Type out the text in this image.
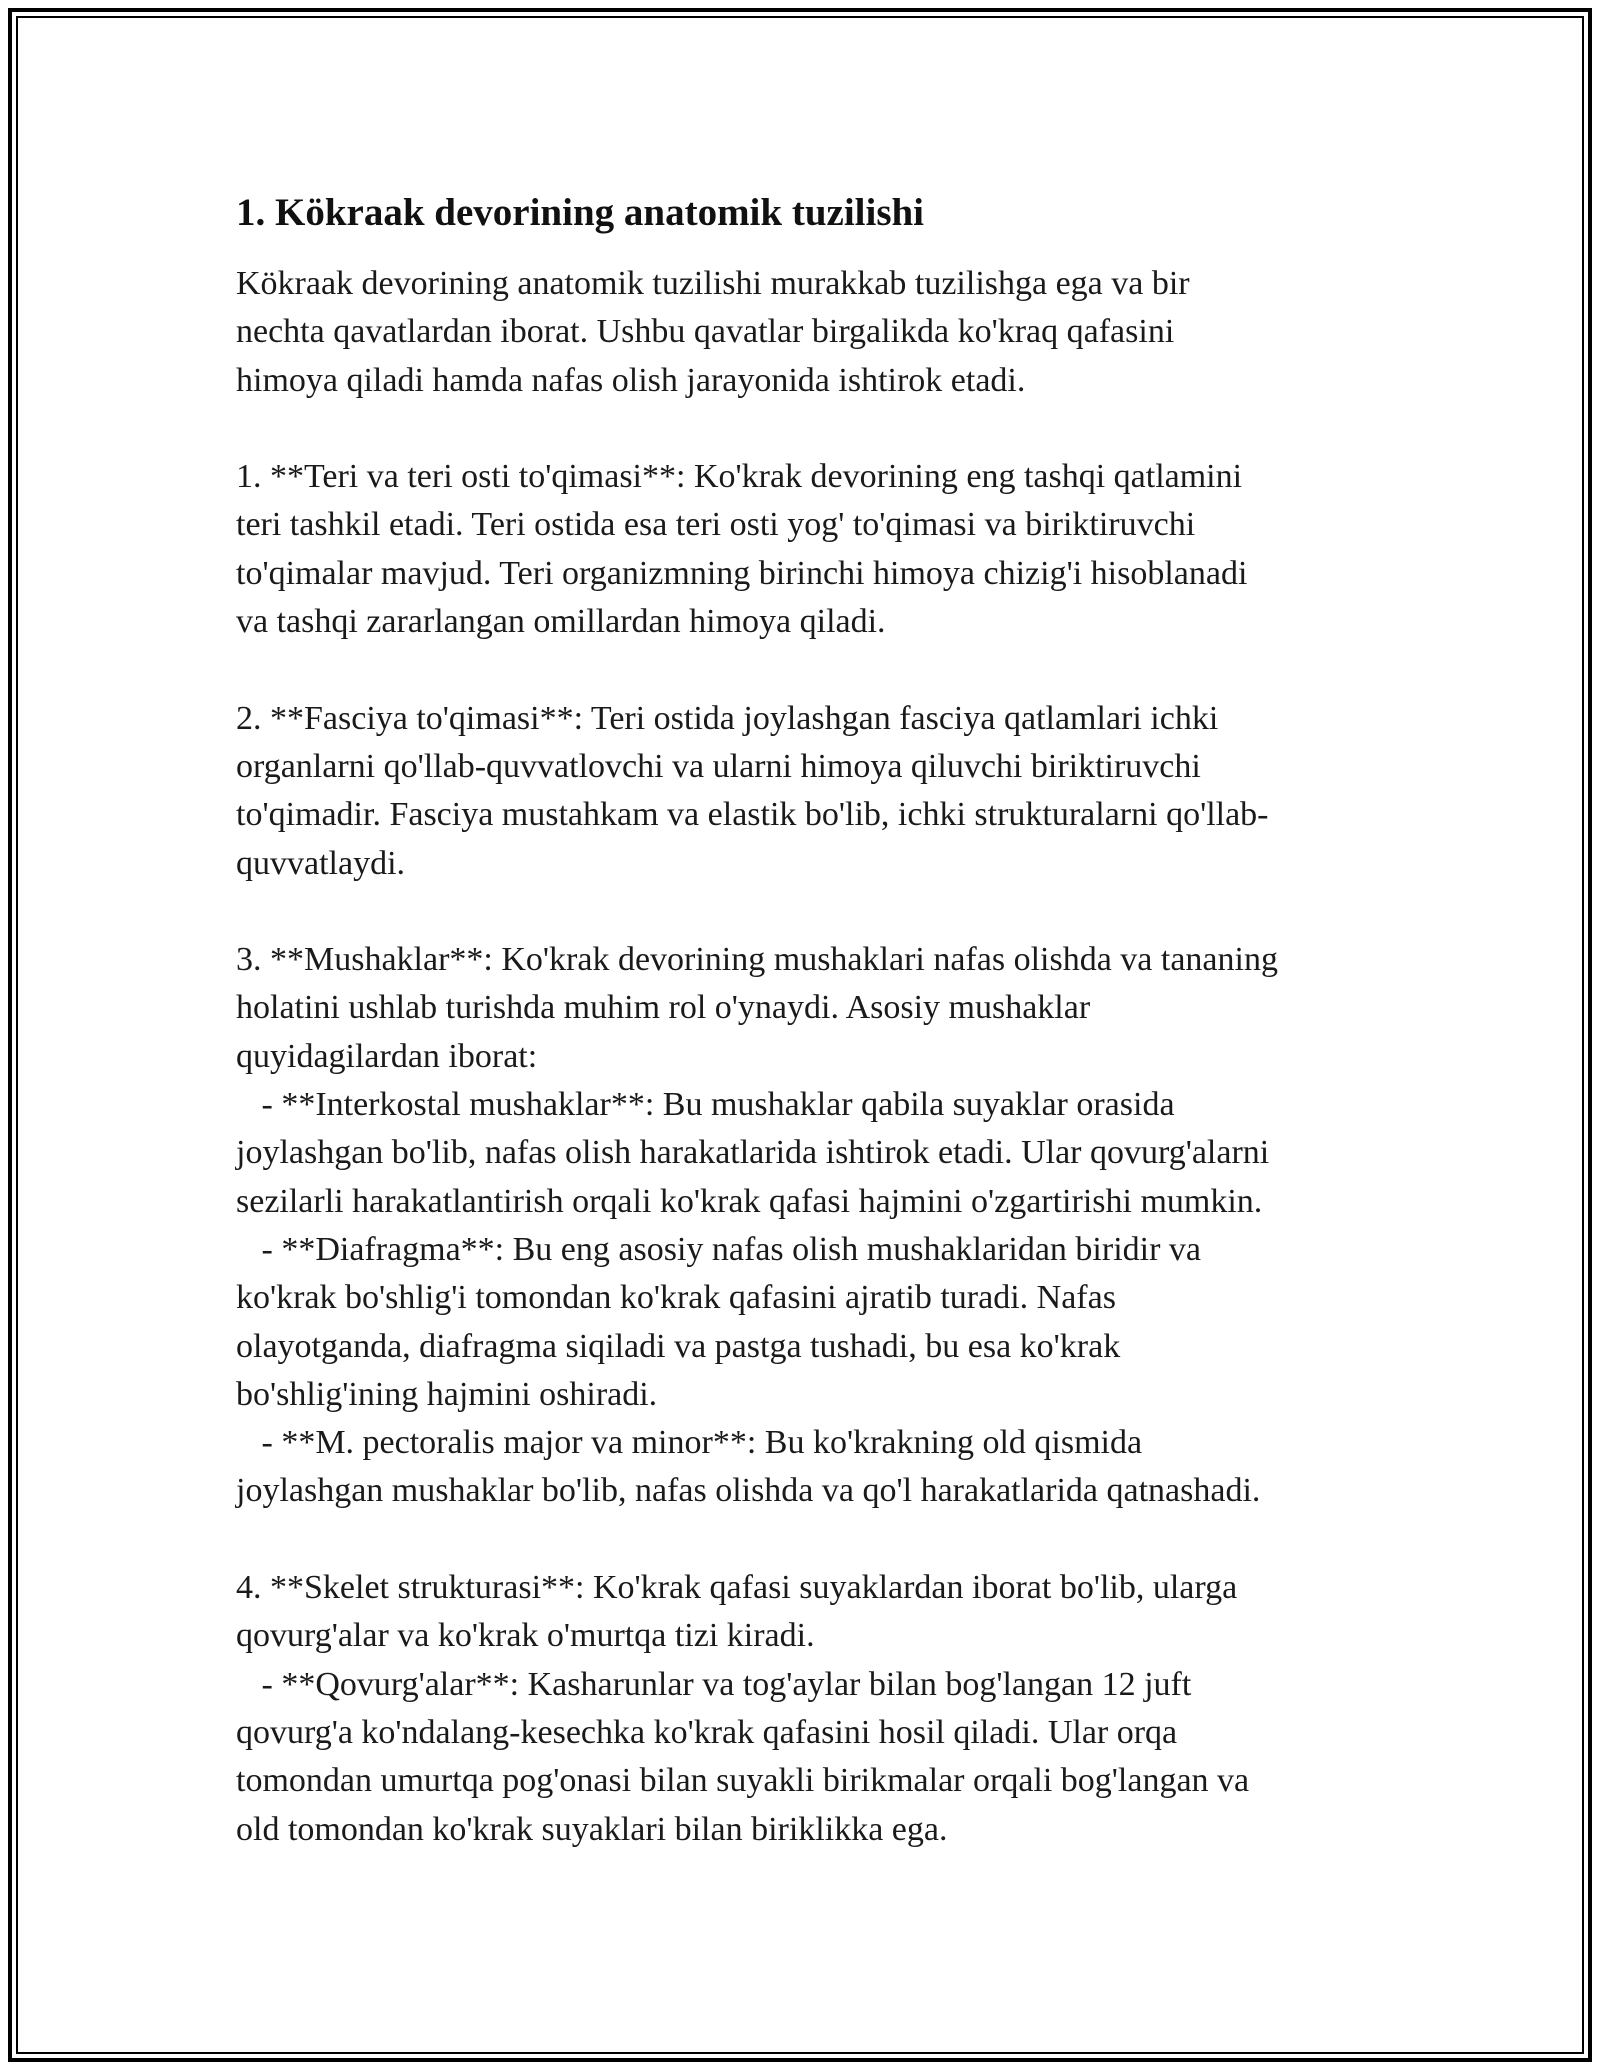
1. Kökraak devorining anatomik tuzilishi

Kökraak devorining anatomik tuzilishi murakkab tuzilishga ega va bir
nechta qavatlardan iborat. Ushbu qavatlar birgalikda ko'kraq qafasini
himoya qiladi hamda nafas olish jarayonida ishtirok etadi.

1. **Teri va teri osti to'qimasi**: Ko'krak devorining eng tashqi qatlamini
teri tashkil etadi. Teri ostida esa teri osti yog' to'qimasi va biriktiruvchi
to'qimalar mavjud. Teri organizmning birinchi himoya chizig'i hisoblanadi
va tashqi zararlangan omillardan himoya qiladi.

2. **Fasciya to'qimasi**: Teri ostida joylashgan fasciya qatlamlari ichki
organlarni qo'llab-quvvatlovchi va ularni himoya qiluvchi biriktiruvchi
to'qimadir. Fasciya mustahkam va elastik bo'lib, ichki strukturalarni qo'llab-
quvvatlaydi.

3. **Mushaklar**: Ko'krak devorining mushaklari nafas olishda va tananing
holatini ushlab turishda muhim rol o'ynaydi. Asosiy mushaklar
quyidagilardan iborat:
- **Interkostal mushaklar**: Bu mushaklar qabila suyaklar orasida
joylashgan bo'lib, nafas olish harakatlarida ishtirok etadi. Ular qovurg'alarni
sezilarli harakatlantirish orqali ko'krak qafasi hajmini o'zgartirishi mumkin.
- **Diafragma**: Bu eng asosiy nafas olish mushaklaridan biridir va
ko'krak bo'shlig'i tomondan ko'krak qafasini ajratib turadi. Nafas
olayotganda, diafragma siqiladi va pastga tushadi, bu esa ko'krak
bo'shlig'ining hajmini oshiradi.
- **M. pectoralis major va minor**: Bu ko'krakning old qismida
joylashgan mushaklar bo'lib, nafas olishda va qo'l harakatlarida qatnashadi.

4. **Skelet strukturasi**: Ko'krak qafasi suyaklardan iborat bo'lib, ularga
qovurg'alar va ko'krak o'murtqa tizi kiradi.
- **Qovurg'alar**: Kasharunlar va tog'aylar bilan bog'langan 12 juft
qovurg'a ko'ndalang-kesechka ko'krak qafasini hosil qiladi. Ular orqa
tomondan umurtqa pog'onasi bilan suyakli birikmalar orqali bog'langan va
old tomondan ko'krak suyaklari bilan biriklikka ega.
